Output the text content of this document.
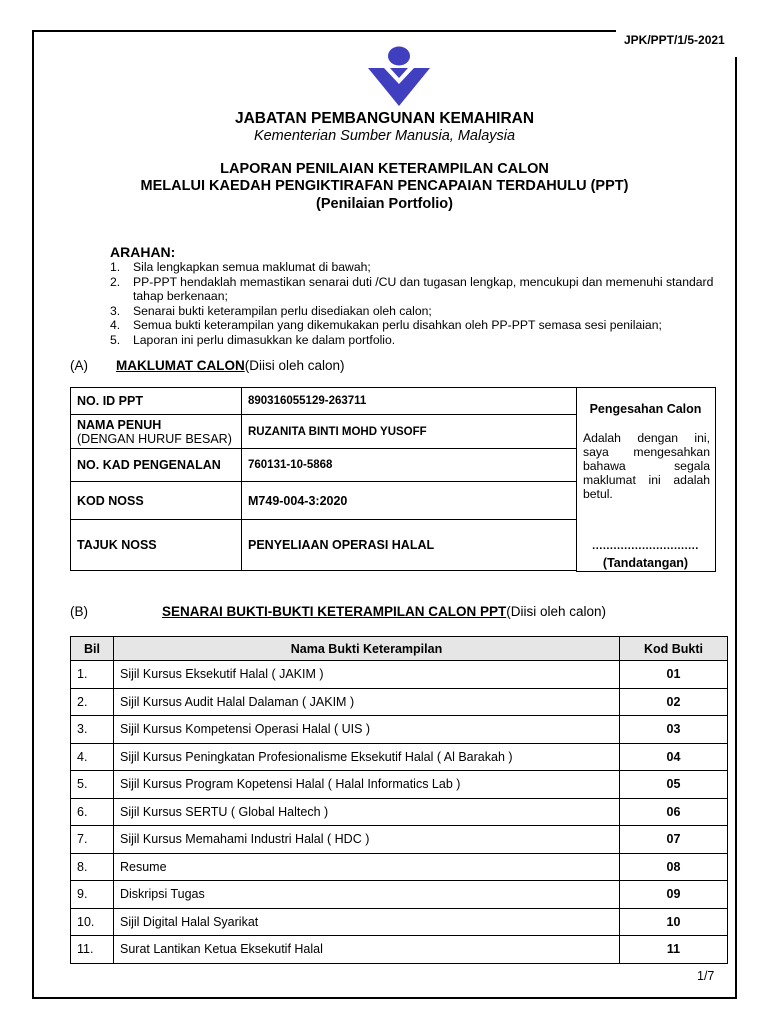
JPK/PPT/1/5-2021
JABATAN PEMBANGUNAN KEMAHIRAN
Kementerian Sumber Manusia, Malaysia
LAPORAN PENILAIAN KETERAMPILAN CALON
MELALUI KAEDAH PENGIKTIRAFAN PENCAPAIAN TERDAHULU (PPT)
(Penilaian Portfolio)
ARAHAN:
1. Sila lengkapkan semua maklumat di bawah;
2. PP-PPT hendaklah memastikan senarai duti /CU dan tugasan lengkap, mencukupi dan memenuhi standard tahap berkenaan;
3. Senarai bukti keterampilan perlu disediakan oleh calon;
4. Semua bukti keterampilan yang dikemukakan perlu disahkan oleh PP-PPT semasa sesi penilaian;
5. Laporan ini perlu dimasukkan ke dalam portfolio.
(A) MAKLUMAT CALON(Diisi oleh calon)
NO. ID PPT	890316055129-263711
NAMA PENUH
(DENGAN HURUF BESAR)	RUZANITA BINTI MOHD YUSOFF
NO. KAD PENGENALAN	760131-10-5868
KOD NOSS	M749-004-3:2020
TAJUK NOSS	PENYELIAAN OPERASI HALAL
Pengesahan Calon
Adalah dengan ini, saya mengesahkan bahawa segala maklumat ini adalah betul.
..............................
(Tandatangan)
(B)	SENARAI BUKTI-BUKTI KETERAMPILAN CALON PPT(Diisi oleh calon)
Bil	Nama Bukti Keterampilan	Kod Bukti
1.	Sijil Kursus Eksekutif Halal ( JAKIM )	01
2.	Sijil Kursus Audit Halal Dalaman ( JAKIM )	02
3.	Sijil Kursus Kompetensi Operasi Halal ( UIS )	03
4.	Sijil Kursus Peningkatan Profesionalisme Eksekutif Halal ( Al Barakah )	04
5.	Sijil Kursus Program Kopetensi Halal ( Halal Informatics Lab )	05
6.	Sijil Kursus SERTU ( Global Haltech )	06
7.	Sijil Kursus Memahami Industri Halal ( HDC )	07
8.	Resume	08
9.	Diskripsi Tugas	09
10.	Sijil Digital Halal Syarikat	10
11.	Surat Lantikan Ketua Eksekutif Halal	11
1/7
